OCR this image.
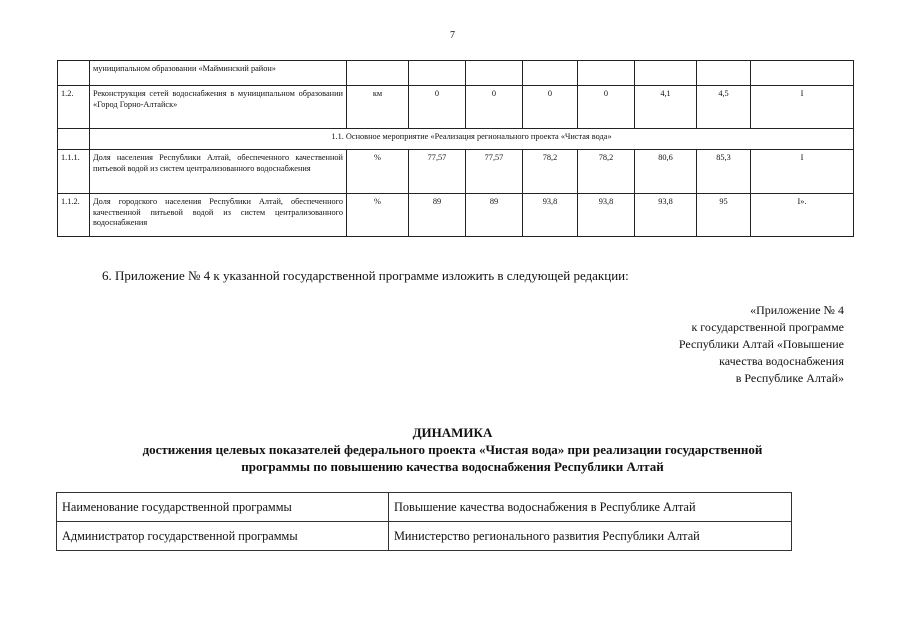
7
	муниципальном образовании «Майминский район»								
1.2.	Реконструкция сетей водоснабжения в муниципальном образовании «Город Горно-Алтайск»	км	0	0	0	0	4,1	4,5	I
	1.1. Основное мероприятие «Реализация регионального проекта «Чистая вода»								
1.1.1.	Доля населения Республики Алтай, обеспеченного качественной питьевой водой из систем централизованного водоснабжения	%	77,57	77,57	78,2	78,2	80,6	85,3	I
1.1.2.	Доля городского населения Республики Алтай, обеспеченного качественной питьевой водой из систем централизованного водоснабжения	%	89	89	93,8	93,8	93,8	95	I».
6. Приложение № 4 к указанной государственной программе изложить в следующей редакции:
«Приложение № 4
к государственной программе
Республики Алтай «Повышение
качества водоснабжения
в Республике Алтай»
ДИНАМИКА
достижения целевых показателей федерального проекта «Чистая вода» при реализации государственной
программы по повышению качества водоснабжения Республики Алтай
Наименование государственной программы	Повышение качества водоснабжения в Республике Алтай
Администратор государственной программы	Министерство регионального развития Республики Алтай
